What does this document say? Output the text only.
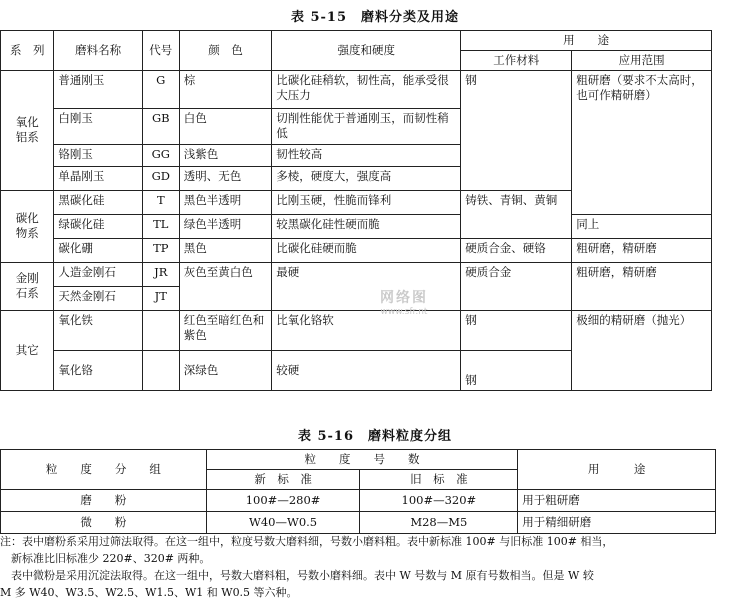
表 5-15　磨料分类及用途
系　列	磨料名称	代号	颜　色	强度和硬度	用　　途	
					工作材料	应用范围
氧化
铝系	普通刚玉	G	棕	比碳化硅稍软，韧性高，能承受很大压力	钢	粗研磨（要求不太高时，也可作精研磨）
	白刚玉	GB	白色	切削性能优于普通刚玉，而韧性稍低		
	铬刚玉	GG	浅紫色	韧性较高		
	单晶刚玉	GD	透明、无色	多棱，硬度大，强度高		
碳化
物系	黑碳化硅	T	黑色半透明	比刚玉硬，性脆而锋利	铸铁、青铜、黄铜	
	绿碳化硅	TL	绿色半透明	较黑碳化硅性硬而脆		同上
	碳化硼	TP	黑色	比碳化硅硬而脆	硬质合金、硬铬	粗研磨，精研磨
金刚
石系	人造金刚石	JR	灰色至黄白色	最硬	硬质合金	粗研磨，精研磨
	天然金刚石	JT				
其它	氧化铁		红色至暗红色和紫色	比氧化铬软	钢	极细的精研磨（抛光）
	氧化铬		深绿色	较硬	钢	
网络图
www.sfr.nt
表 5-16　磨料粒度分组
粒　　度　　分　　组	粒　　度　　号　　数		用　　　途
	新　标　准	旧　标　准	
磨　　粉	100#—280#	100#—320#	用于粗研磨
微　　粉	W40—W0.5	M28—M5	用于精细研磨

注：表中磨粉系采用过筛法取得。在这一组中，粒度号数大磨料细，号数小磨料粗。表中新标准 100# 与旧标准 100# 相当，

　新标准比旧标准少 220#、320# 两种。

　表中微粉是采用沉淀法取得。在这一组中，号数大磨料粗，号数小磨料细。表中 W 号数与 M 原有号数相当。但是 W 较

M 多 W40、W3.5、W2.5、W1.5、W1 和 W0.5 等六种。
